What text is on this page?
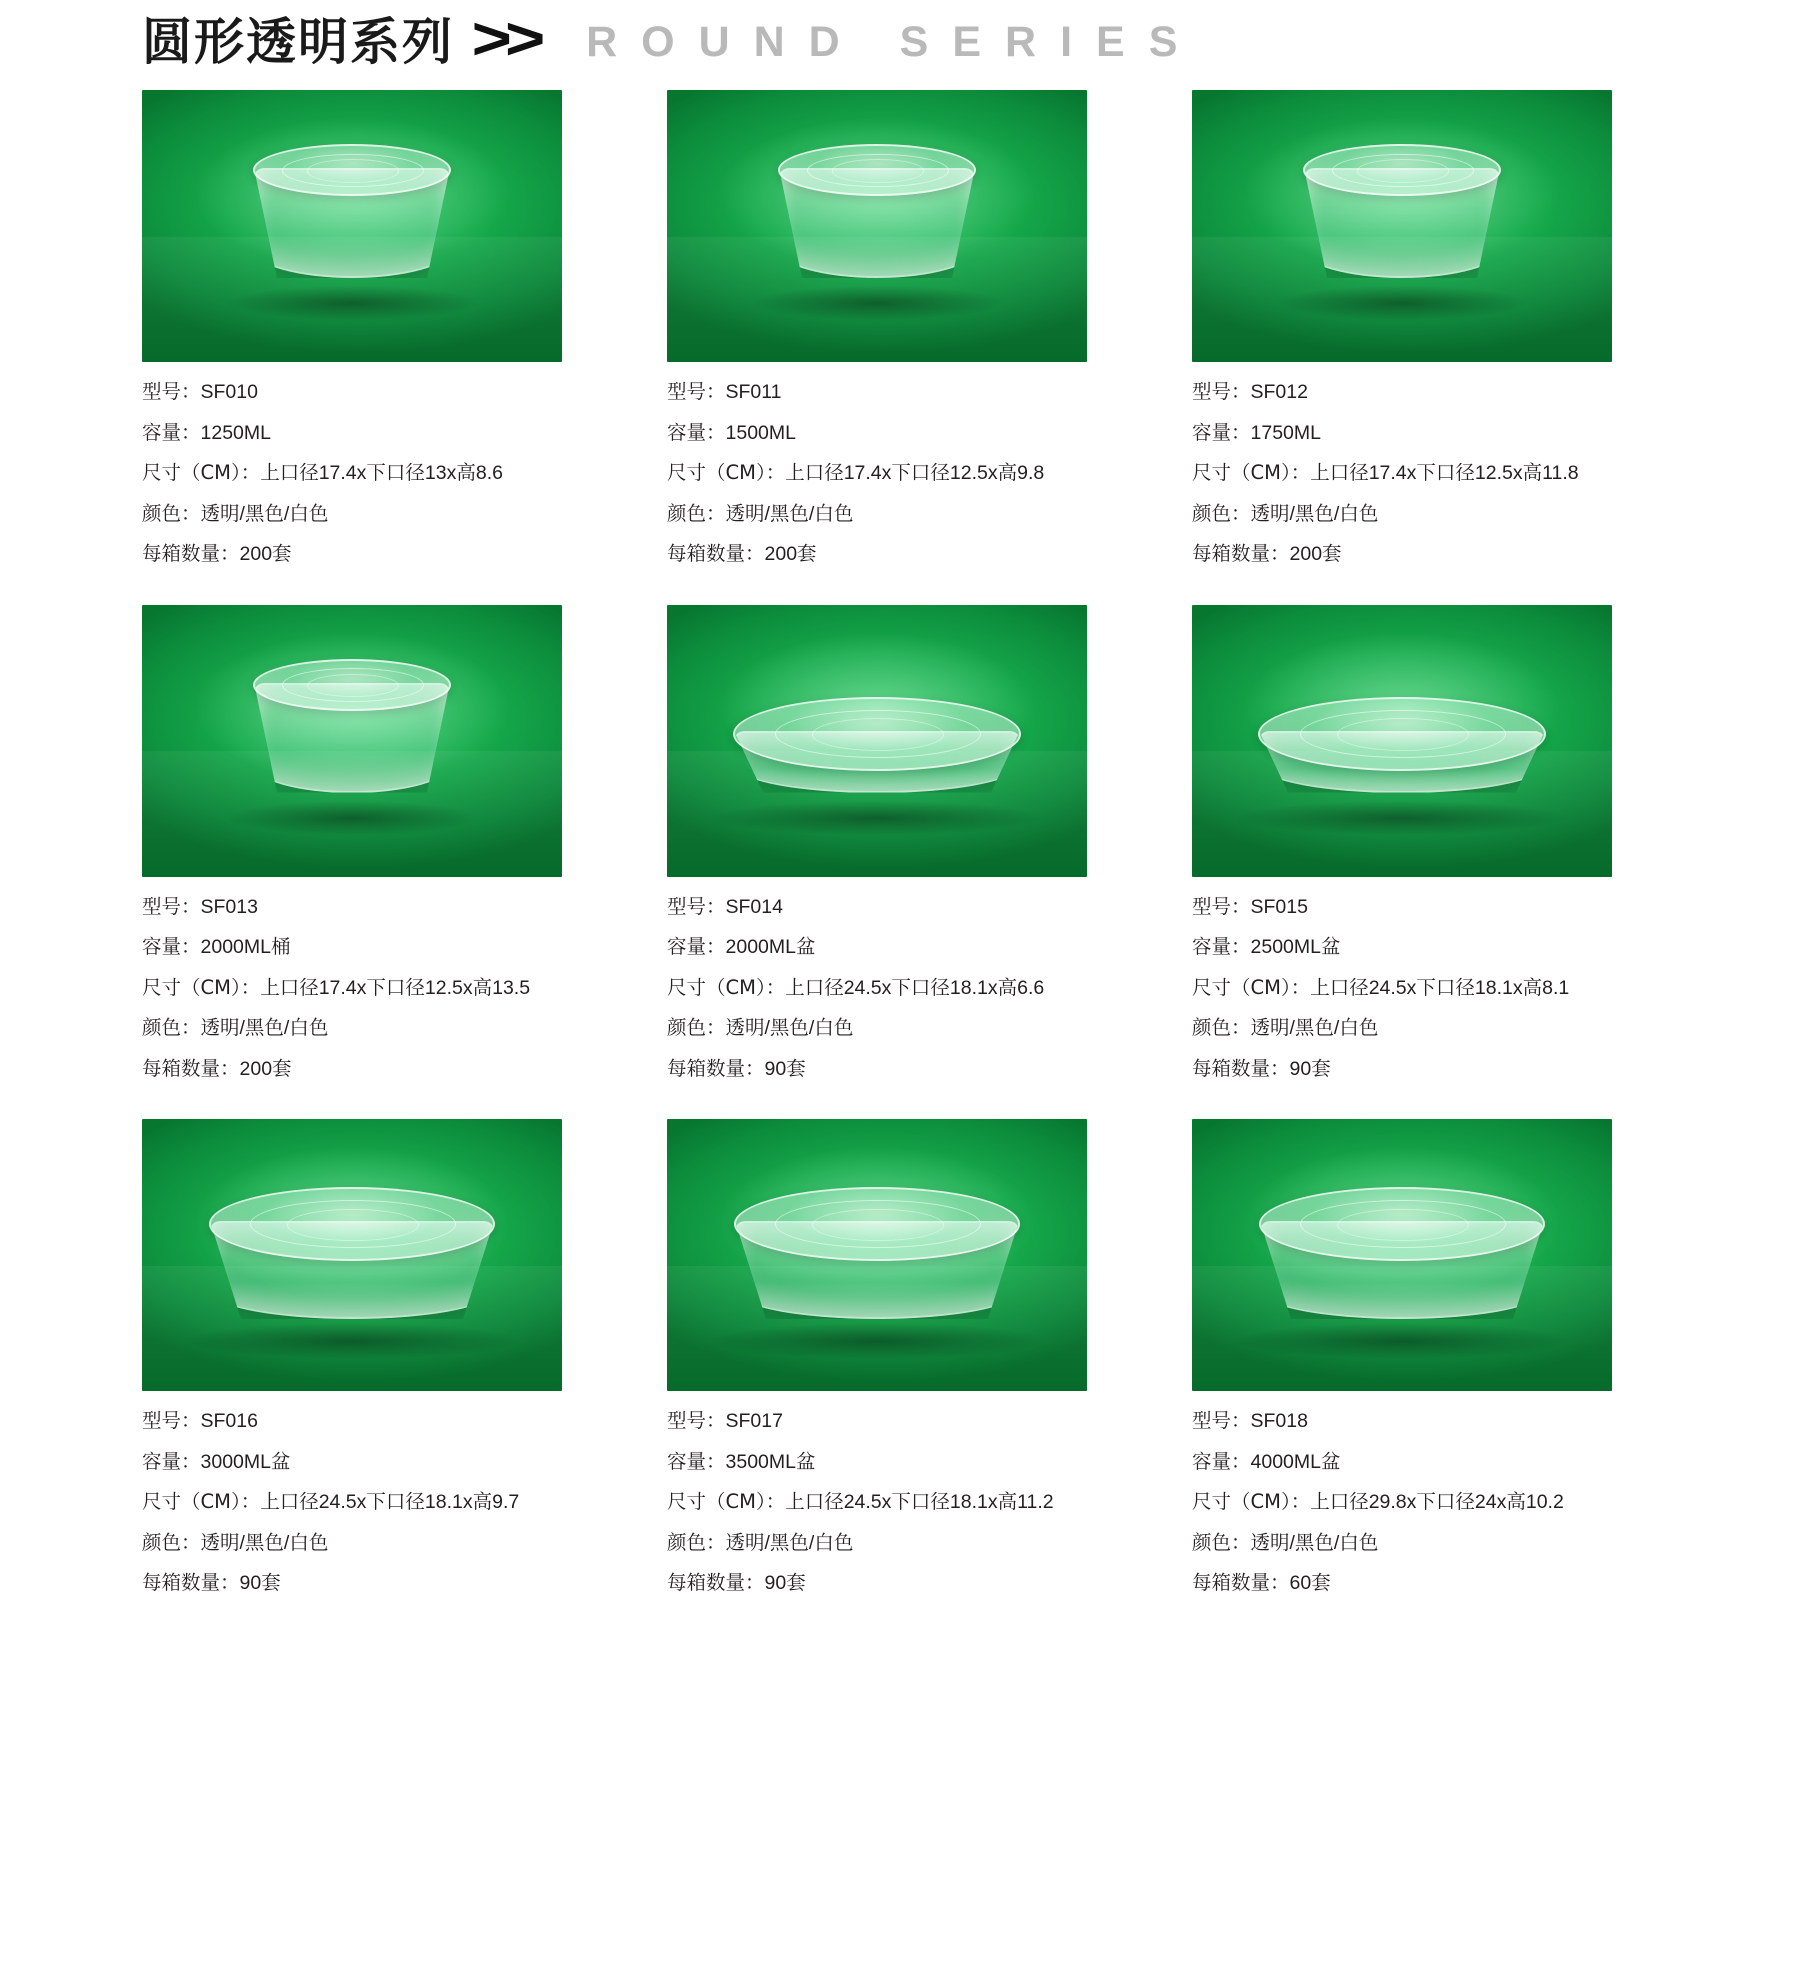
圆形透明系列 >> ROUND SERIES
型号：SF010
容量：1250ML
尺寸（CM）：上口径17.4x下口径13x高8.6
颜色：透明/黑色/白色
每箱数量：200套
型号：SF011
容量：1500ML
尺寸（CM）：上口径17.4x下口径12.5x高9.8
颜色：透明/黑色/白色
每箱数量：200套
型号：SF012
容量：1750ML
尺寸（CM）：上口径17.4x下口径12.5x高11.8
颜色：透明/黑色/白色
每箱数量：200套
型号：SF013
容量：2000ML桶
尺寸（CM）：上口径17.4x下口径12.5x高13.5
颜色：透明/黑色/白色
每箱数量：200套
型号：SF014
容量：2000ML盆
尺寸（CM）：上口径24.5x下口径18.1x高6.6
颜色：透明/黑色/白色
每箱数量：90套
型号：SF015
容量：2500ML盆
尺寸（CM）：上口径24.5x下口径18.1x高8.1
颜色：透明/黑色/白色
每箱数量：90套
型号：SF016
容量：3000ML盆
尺寸（CM）：上口径24.5x下口径18.1x高9.7
颜色：透明/黑色/白色
每箱数量：90套
型号：SF017
容量：3500ML盆
尺寸（CM）：上口径24.5x下口径18.1x高11.2
颜色：透明/黑色/白色
每箱数量：90套
型号：SF018
容量：4000ML盆
尺寸（CM）：上口径29.8x下口径24x高10.2
颜色：透明/黑色/白色
每箱数量：60套
